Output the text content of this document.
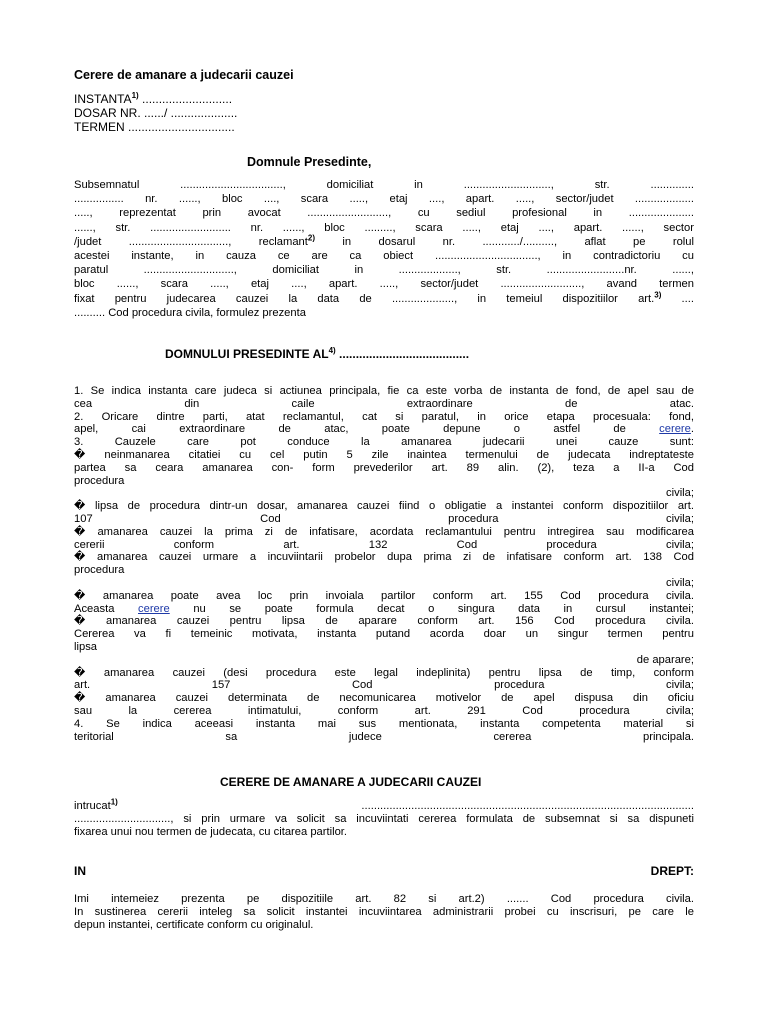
Cerere de amanare a judecarii cauzei
INSTANTA$^{1)}$ ...........................
DOSAR NR. ....../ ....................
TERMEN ................................
Domnule Presedinte,
Subsemnatul ................................., domiciliat in ............................, str. ..............
................ nr. ......, bloc ...., scara ....., etaj ...., apart. ....., sector/judet ...................
....., reprezentat prin avocat .........................., cu sediul profesional in .....................
......, str. .......................... nr. ......, bloc ........., scara ....., etaj ...., apart. ......, sector
/judet ................................, reclamant$^{2)}$ in dosarul nr. ............/.........., aflat pe rolul
acestei instante, in cauza ce are ca obiect ................................., in contradictoriu cu
paratul ............................., domiciliat in ..................., str. .........................nr. ......,
bloc ......, scara ....., etaj ...., apart. ....., sector/judet .........................., avand termen
fixat pentru judecarea cauzei la data de ...................., in temeiul dispozitiilor art.$^{3)}$ ....
.......... Cod procedura civila, formulez prezenta
DOMNULUI PRESEDINTE AL$^{4)}$ .......................................
1. Se indica instanta care judeca si actiunea principala, fie ca este vorba de instanta de fond, de apel sau de
cea din caile extraordinare de atac.
2. Oricare dintre parti, atat reclamantul, cat si paratul, in orice etapa procesuala: fond,
apel, cai extraordinare de atac, poate depune o astfel de	cerere.
3. Cauzele care pot conduce la amanarea judecarii unei cauze sunt:
� neinmanarea citatiei cu cel putin 5 zile inaintea termenului de judecata indreptateste
partea sa ceara amanarea con- form prevederilor art. 89 alin. (2), teza a II-a Cod
procedura
civila;
� lipsa de procedura dintr-un dosar, amanarea cauzei fiind o obligatie a instantei conform dispozitiilor art.
107 Cod procedura civila;
� amanarea cauzei la prima zi de infatisare, acordata reclamantului pentru intregirea sau modificarea
cererii conform art. 132 Cod procedura civila;
� amanarea cauzei urmare a incuviintarii probelor dupa prima zi de infatisare conform art. 138 Cod
procedura
civila;
� amanarea poate avea loc prin invoiala partilor conform art. 155 Cod procedura civila.
Aceasta cerere nu se poate formula decat o singura data in cursul instantei;
� amanarea cauzei pentru lipsa de aparare conform art. 156 Cod procedura civila.
Cererea va fi temeinic motivata, instanta putand acorda doar un singur termen pentru
lipsa
de aparare;
� amanarea cauzei (desi procedura este legal indeplinita) pentru lipsa de timp, conform
art. 157 Cod procedura civila;
� amanarea cauzei determinata de necomunicarea motivelor de apel dispusa din oficiu
sau la cererea intimatului, conform art. 291 Cod procedura civila;
4. Se indica aceeasi instanta mai sus mentionata, instanta competenta material si
teritorial sa judece cererea principala.
CERERE DE AMANARE A JUDECARII CAUZEI
intrucat$^{1)}$	...........................................................................................................
..............................., si prin urmare va solicit sa incuviintati cererea formulata de subsemnat si sa dispuneti
fixarea unui nou termen de judecata, cu citarea partilor.
IN	DREPT:
Imi intemeiez prezenta pe dispozitiile art. 82 si art.2) ....... Cod procedura civila.
In sustinerea cererii inteleg sa solicit instantei incuviintarea administrarii probei cu inscrisuri, pe care le
depun instantei, certificate conform cu originalul.
